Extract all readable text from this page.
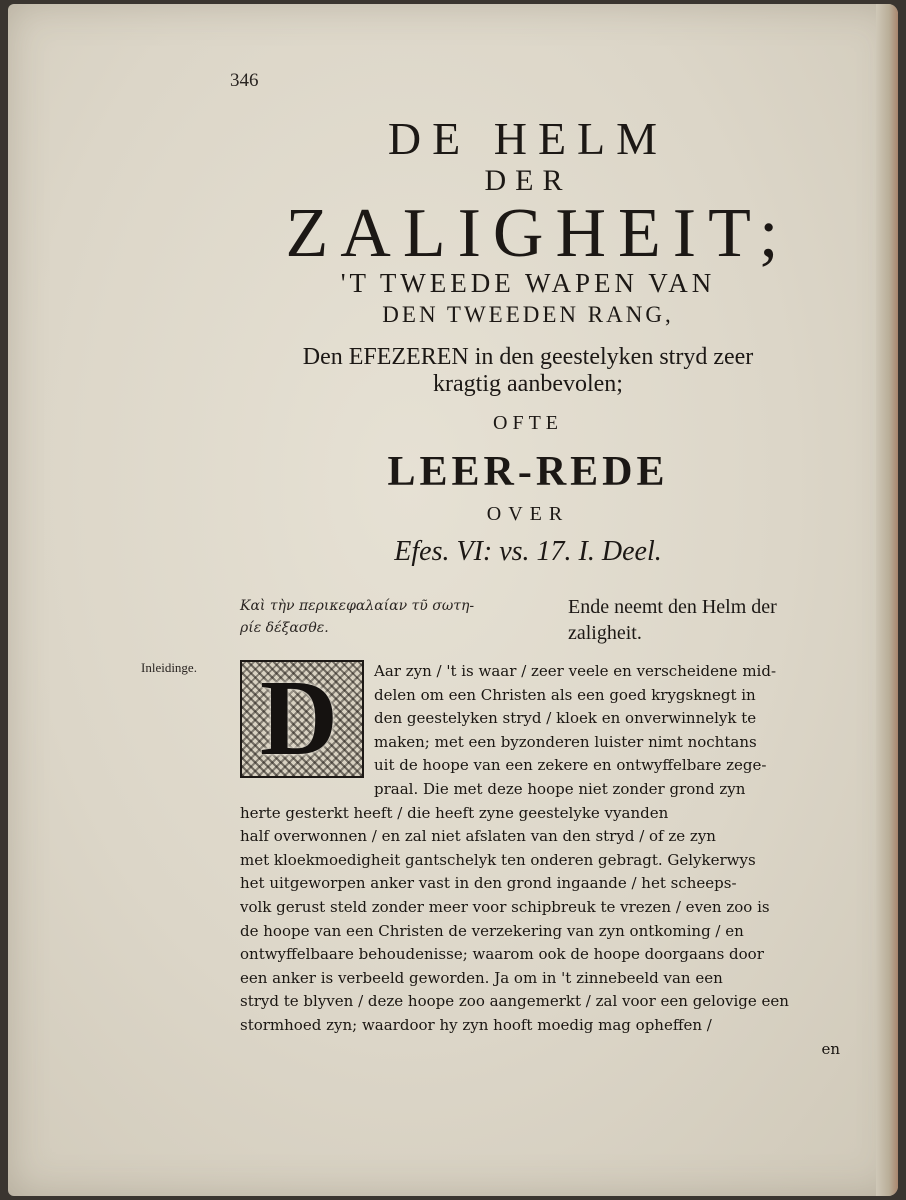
346
DE HELM
DER
ZALIGHEIT;
'T TWEEDE WAPEN VAN
DEN TWEEDEN RANG,
Den EFEZEREN in den geestelyken stryd zeer
kragtig aanbevolen;
OFTE
LEER-REDE
OVER
Efes. VI: vs. 17. I. Deel.
Καὶ τὴν περικεφαλαίαν τῦ σωτη-
ρίε δέξασθε.
Ende neemt den Helm der
zaligheit.
Inleidinge. D	Aar zyn / 't is waar / zeer veele en verscheidene mid-
delen om een Christen als een goed krygsknegt in
den geestelyken stryd / kloek en onverwinnelyk te
maken; met een byzonderen luister nimt nochtans
uit de hoope van een zekere en ontwyffelbare zege-
praal. Die met deze hoope niet zonder grond zyn
herte gesterkt heeft / die heeft zyne geestelyke vyanden
half overwonnen / en zal niet afslaten van den stryd / of ze zyn
met kloekmoedigheit gantschelyk ten onderen gebragt. Gelykerwys
het uitgeworpen anker vast in den grond ingaande / het scheeps-
volk gerust steld zonder meer voor schipbreuk te vrezen / even zoo is
de hoope van een Christen de verzekering van zyn ontkoming / en
ontwyffelbaare behoudenisse; waarom ook de hoope doorgaans door
een anker is verbeeld geworden. Ja om in 't zinnebeeld van een
stryd te blyven / deze hoope zoo aangemerkt / zal voor een gelovige een
stormhoed zyn; waardoor hy zyn hooft moedig mag opheffen /
en
